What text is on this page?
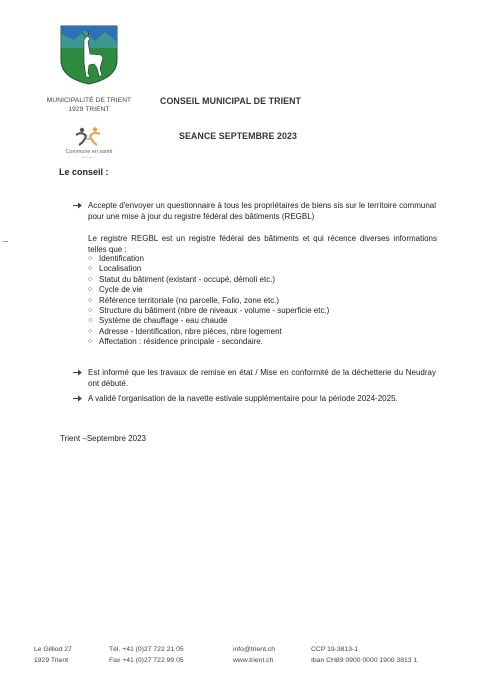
MUNICIPALITÉ DE TRIENT
1929 TRIENT
Commune en santé
valais
CONSEIL MUNICIPAL DE TRIENT
SEANCE SEPTEMBRE 2023
Le conseil :
Accepte d'envoyer un questionnaire à tous les propriétaires de biens sis sur le territoire communal pour une mise à jour du registre fédéral des bâtiments (REGBL)
Le registre REGBL est un registre fédéral des bâtiments et qui récence diverses informations telles que :
○ Identification
○ Localisation
○ Statut du bâtiment (existant - occupé, démoli etc.)
○ Cycle de vie
○ Référence territoriale (no parcelle, Folio, zone etc.)
○ Structure du bâtiment (nbre de niveaux - volume - superficie etc.)
○ Système de chauffage - eau chaude
○ Adresse - Identification, nbre pièces, nbre logement
○ Affectation : résidence principale - secondaire.
Est informé que les travaux de remise en état / Mise en conformité de la déchetterie du Neudray ont débuté.
A validé l'organisation de la navette estivale supplémentaire pour la période 2024-2025.
Trient –Septembre 2023
Le Gilliod 27
1929 Trient
Tél. +41 (0)27 722 21 05
Fax +41 (0)27 722 99 05
info@trient.ch
www.trient.ch
CCP 19-3813-1
Iban CH89 0900 0000 1900 3813 1
